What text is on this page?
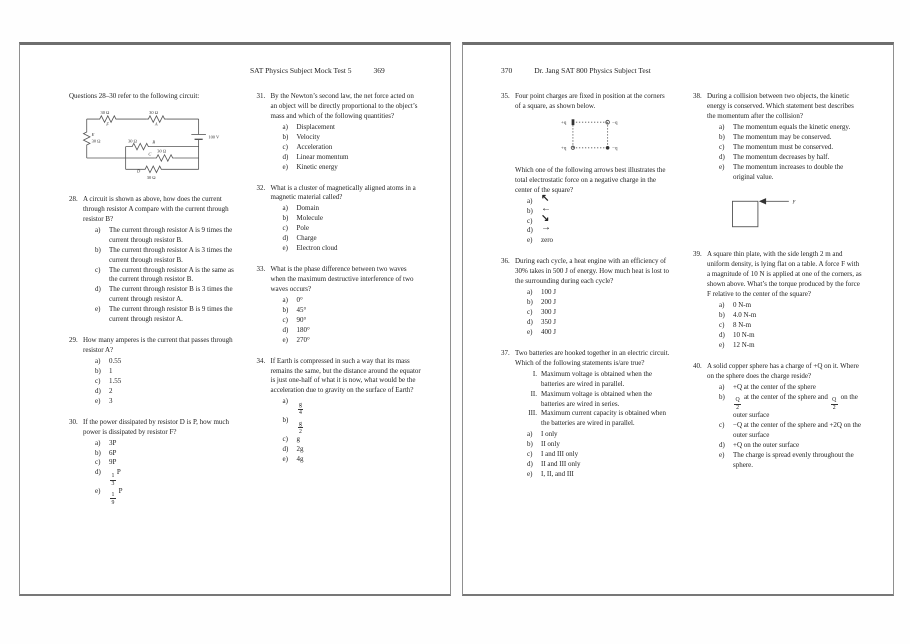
SAT Physics Subject Mock Test 5	369
Questions 28–30 refer to the following circuit:
30 Ω
F
30 Ω
A
100 V
E
30 Ω	30 Ω	B
C
30 Ω
D
30 Ω
28. A circuit is shown as above, how does the current through resistor A compare with the current through resistor B?
a)	The current through resistor A is 9 times the current through resistor B.
b)	The current through resistor A is 3 times the current through resistor B.
c)	The current through resistor A is the same as the current through resistor B.
d)	The current through resistor B is 3 times the current through resistor A.
e)	The current through resistor B is 9 times the current through resistor A.
29. How many amperes is the current that passes through resistor A?
a)	0.55
b)	1
c)	1.55
d)	2
e)	3
30. If the power dissipated by resistor D is P, how much power is dissipated by resistor F?
a)	3P
b)	6P
c)	9P
d)
$\frac{1}{3}$
P
e)
$\frac{1}{9}$
P
31. By the Newton’s second law, the net force acted on an object will be directly proportional to the object’s mass and which of the following quantities?
a)	Displacement
b)	Velocity
c)	Acceleration
d)	Linear momentum
e)	Kinetic energy
32. What is a cluster of magnetically aligned atoms in a magnetic material called?
a)	Domain
b)	Molecule
c)	Pole
d)	Charge
e)	Electron cloud
33. What is the phase difference between two waves when the maximum destructive interference of two waves occurs?
a)	0°
b)	45°
c)	90°
d)	180°
e)	270°
34. If Earth is compressed in such a way that its mass remains the same, but the distance around the equator is just one-half of what it is now, what would be the acceleration due to gravity on the surface of Earth?
a)
$\frac{g}{4}$
b)
$\frac{g}{2}$
c)	g
d)	2g
e)	4g
370	Dr. Jang SAT 800 Physics Subject Test
35. Four point charges are fixed in position at the corners of a square, as shown below.
+q	−q
+q	−q
Which one of the following arrows best illustrates the total electrostatic force on a negative charge in the center of the square?
a) ↖
b) ←
c) ↘
d) →
e)	zero
36. During each cycle, a heat engine with an efficiency of 30% takes in 500 J of energy. How much heat is lost to the surrounding during each cycle?
a)	100 J
b)	200 J
c)	300 J
d)	350 J
e)	400 J
37. Two batteries are hooked together in an electric circuit. Which of the following statements is/are true?
I. Maximum voltage is obtained when the batteries are wired in parallel.
II. Maximum voltage is obtained when the batteries are wired in series.
III. Maximum current capacity is obtained when the batteries are wired in parallel.
a)	I only
b)	II only
c)	I and III only
d)	II and III only
e)	I, II, and III
38. During a collision between two objects, the kinetic energy is conserved. Which statement best describes the momentum after the collision?
a)	The momentum equals the kinetic energy.
b)	The momentum may be conserved.
c)	The momentum must be conserved.
d)	The momentum decreases by half.
e)	The momentum increases to double the original value.
F
39. A square thin plate, with the side length 2 m and uniform density, is lying flat on a table. A force F with a magnitude of 10 N is applied at one of the corners, as shown above. What’s the torque produced by the force F relative to the center of the square?
a)	0 N-m
b)	4.0 N-m
c)	8 N-m
d)	10 N-m
e)	12 N-m
40. A solid copper sphere has a charge of +Q on it. Where on the sphere does the charge reside?
a)	+Q at the center of the sphere
b)
$\frac{Q}{2}$
at the center of the sphere and
$\frac{Q}{2}$
on the outer surface
c)	−Q at the center of the sphere and +2Q on the outer surface
d)	+Q on the outer surface
e)	The charge is spread evenly throughout the sphere.
